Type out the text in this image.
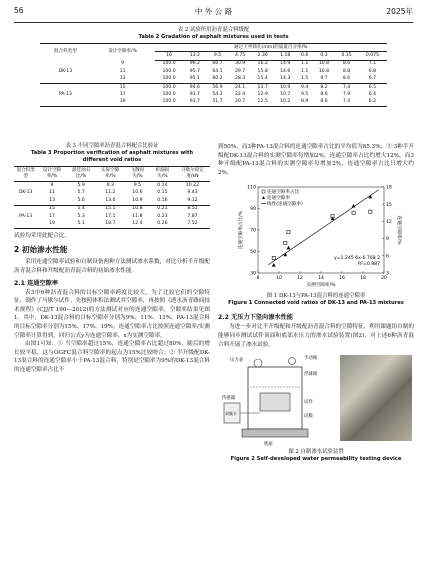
56	中 外 公 路	2025年
表 2 试验所用沥青混合料级配
Table 2 Gradation of asphalt mixtures used in tests
混合料类型	设计空隙率/%	通过下列筛孔(mm)的质量百分率/%									
		16	13.2	9.5	4.75	2.36	1.18	0.6	0.3	0.15	0.075
DK-13	9	100.0	96.2	66.7	30.9	16.2	14.9	1.1	10.8	8.6	7.1
	11	100.0	95.7	64.1	29.7	15.8	14.6	1.1	10.8	8.8	6.8
	13	100.0	95.1	60.2	28.3	15.4	14.3	1.5	9.7	8.6	6.7
PA-13	15	100.0	94.6	56.9	24.1	13.7	10.9	9.4	8.2	7.4	6.5
	17	100.0	93.7	54.3	22.4	12.9	10.7	9.5	8.6	7.9	6.4
	19	100.0	93.7	51.7	20.7	12.5	10.2	8.9	8.6	7.4	6.2
表 3 不同空隙率沥青混合料配合比验证
Table 3 Proportion verification of asphalt mixtures with different void ratios
混合料类型	设计空隙率/%	最佳油石比/%	实际空隙率/%	飞散损失/%	析漏损失/%	马歇尔稳定度/kN
DK-13	9	5.9	9.3	9.5	0.14	10.22
	11	5.7	11.2	10.6	0.15	9.43
	13	5.6	13.0	10.9	0.16	9.12
PA-13	15	5.4	15.1	10.8	0.21	8.51
	17	5.3	17.1	11.8	0.23	7.87
	19	5.1	18.7	12.4	0.26	7.52

试验均采用此配合比。

2 初始渗水性能

采用连通空隙率试验和自制设备两种方法测试渗水系数，对比分析半开级配沥青混合料和开级配沥青混合料的初始渗水性能。

2.1 连通空隙率

表3中6种沥青混合料的目标空隙率跨度比较大，为了比较它们的空隙特征，制作了马歇尔试件。先按照体积法测试其空隙率，再按照《透水沥青路面技术规程》(CJJ/T 190—2012)的方法测试对应的连通空隙率，空隙率结果见图1。其中，DK-13混合料的目标空隙率分别为9%、11%、13%，PA-13混合料的目标空隙率分别为15%、17%、19%；连通空隙率占比按照连通空隙率/实测空隙率计算得到，回归公式y为连通空隙率，x为实测空隙率。

由图1可知：① 当空隙率超过15%，连通空隙率占比超过80%，随后的增长较平稳，这与OGFC混合料空隙率的起点为15%比较吻合；② 半开级配DK-13混合料的连通空隙率小于PA-13混合料，特别是空隙率为9%的DK-13混合料的连通空隙率占比不

到50%，而3种PA-13混合料的连通空隙率占比的平均值为85.3%；③ 3种半开级配DK-13混合料的实测空隙率每增加2%，连通空隙率占比约增大12%，而3种开级配PA-13混合料的实测空隙率每增加2%，连通空隙率占比只增大约2%。

8	10	12	14	16	18	20
30
50
70
90
110
3
6
9
12
15
18
实测空隙率/%
连通空隙率占比/%	连通空隙率/%
连通空隙率占比
连通空隙率
线性(连通空隙率)
y=1.245 6x-6.768 2
R²=0.987
图 1 DK-13与PA-13混合料的连通空隙率
Figure 1 Connected void ratios of DK-13 and PA-13 mixtures
2.2 无压力下竖向渗水性能

为进一步对比半开级配和开级配沥青混合料的空隙特征，利用课题组自制的能够同步测试试件顶面和底部水压力的渗水试验装置(图2)，对上述6种沥青混合料开展了渗水试验。

压力表	手动阀
浮球阀
试件
试模
传感器
采集卡
底座
图 2 自制渗水试验装置
Figure 2 Self-developed water permeability testing device
